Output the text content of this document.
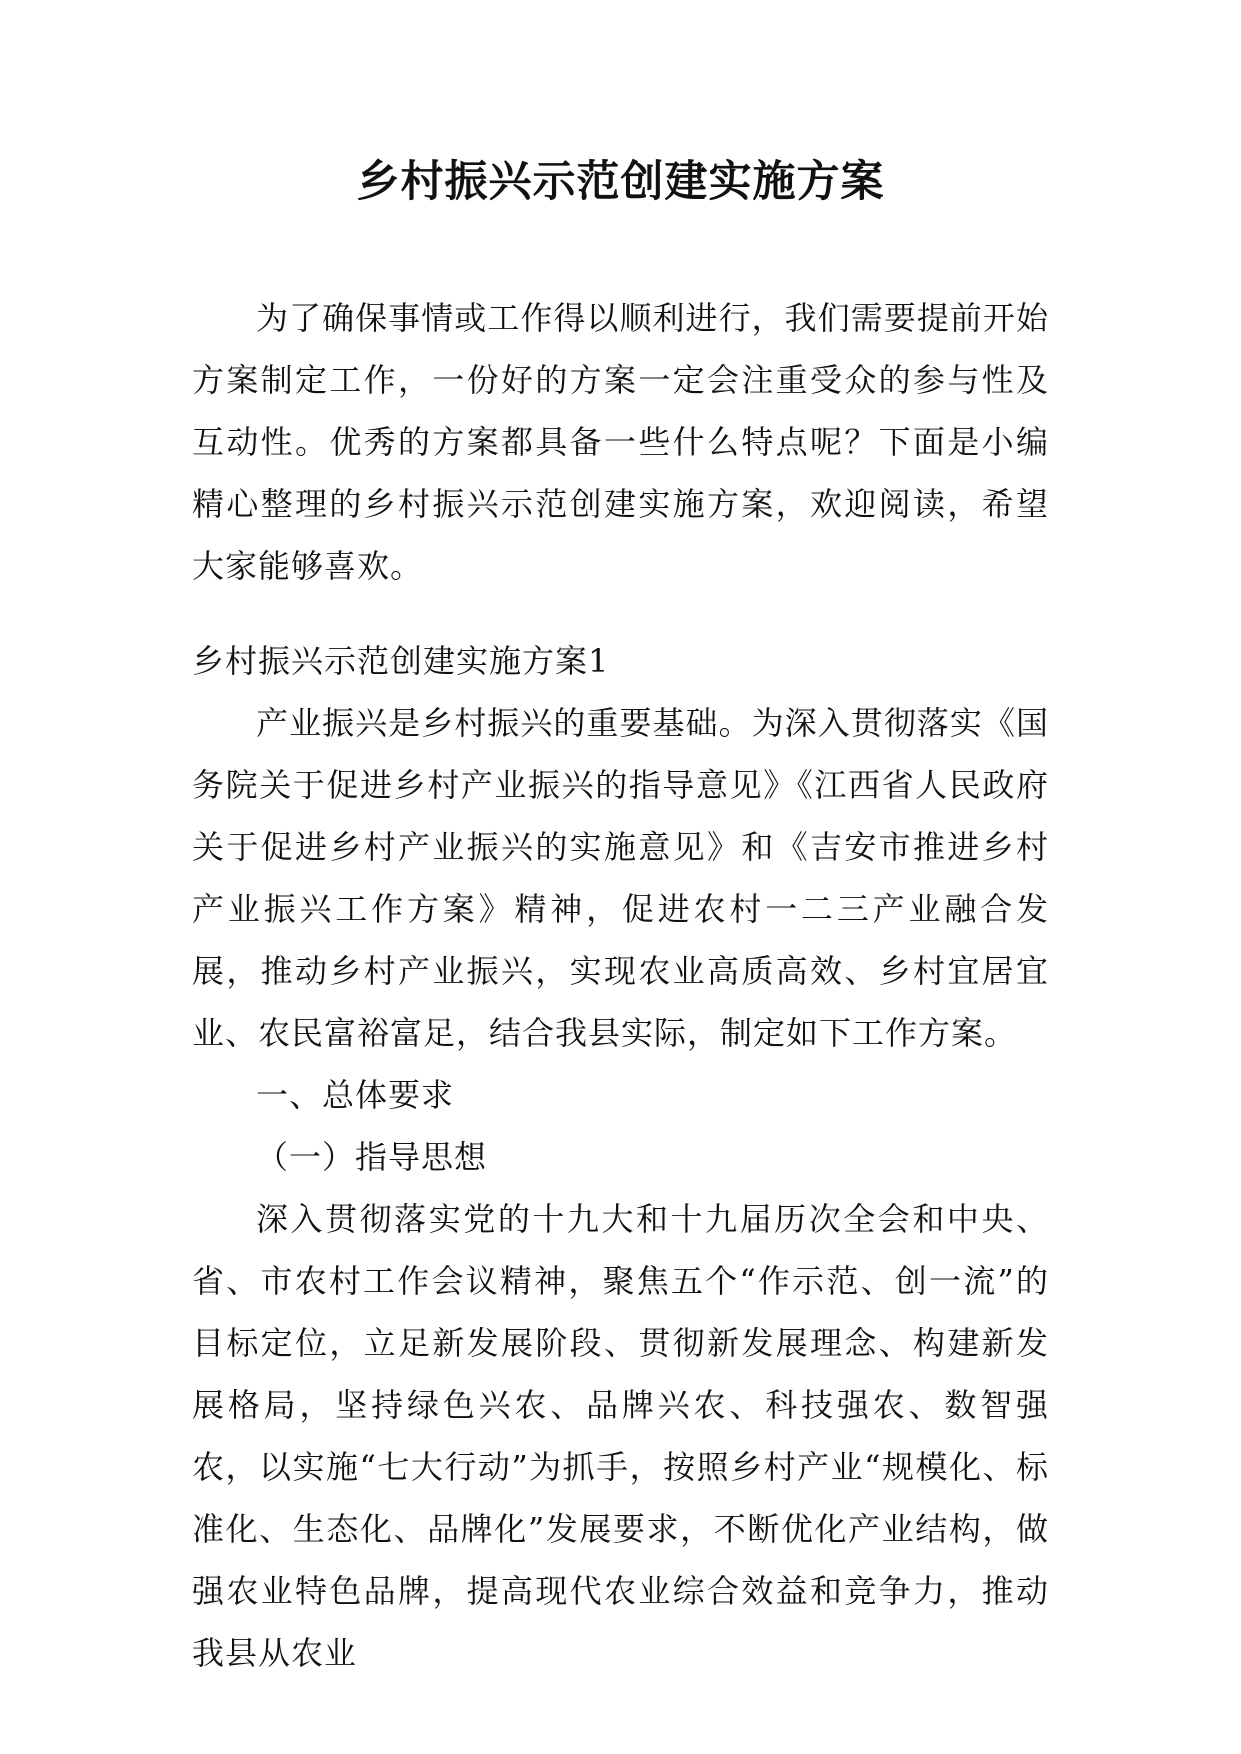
乡村振兴示范创建实施方案

为了确保事情或工作得以顺利进行，我们需要提前开始方案制定工作，一份好的方案一定会注重受众的参与性及互动性。优秀的方案都具备一些什么特点呢？下面是小编精心整理的乡村振兴示范创建实施方案，欢迎阅读，希望大家能够喜欢。

乡村振兴示范创建实施方案1

产业振兴是乡村振兴的重要基础。为深入贯彻落实《国务院关于促进乡村产业振兴的指导意见》《江西省人民政府关于促进乡村产业振兴的实施意见》和《吉安市推进乡村产业振兴工作方案》精神，促进农村一二三产业融合发展，推动乡村产业振兴，实现农业高质高效、乡村宜居宜业、农民富裕富足，结合我县实际，制定如下工作方案。

一、总体要求

（一）指导思想

深入贯彻落实党的十九大和十九届历次全会和中央、省、市农村工作会议精神，聚焦五个“作示范、创一流”的目标定位，立足新发展阶段、贯彻新发展理念、构建新发展格局，坚持绿色兴农、品牌兴农、科技强农、数智强农，以实施“七大行动”为抓手，按照乡村产业“规模化、标准化、生态化、品牌化”发展要求，不断优化产业结构，做强农业特色品牌，提高现代农业综合效益和竞争力，推动我县从农业
